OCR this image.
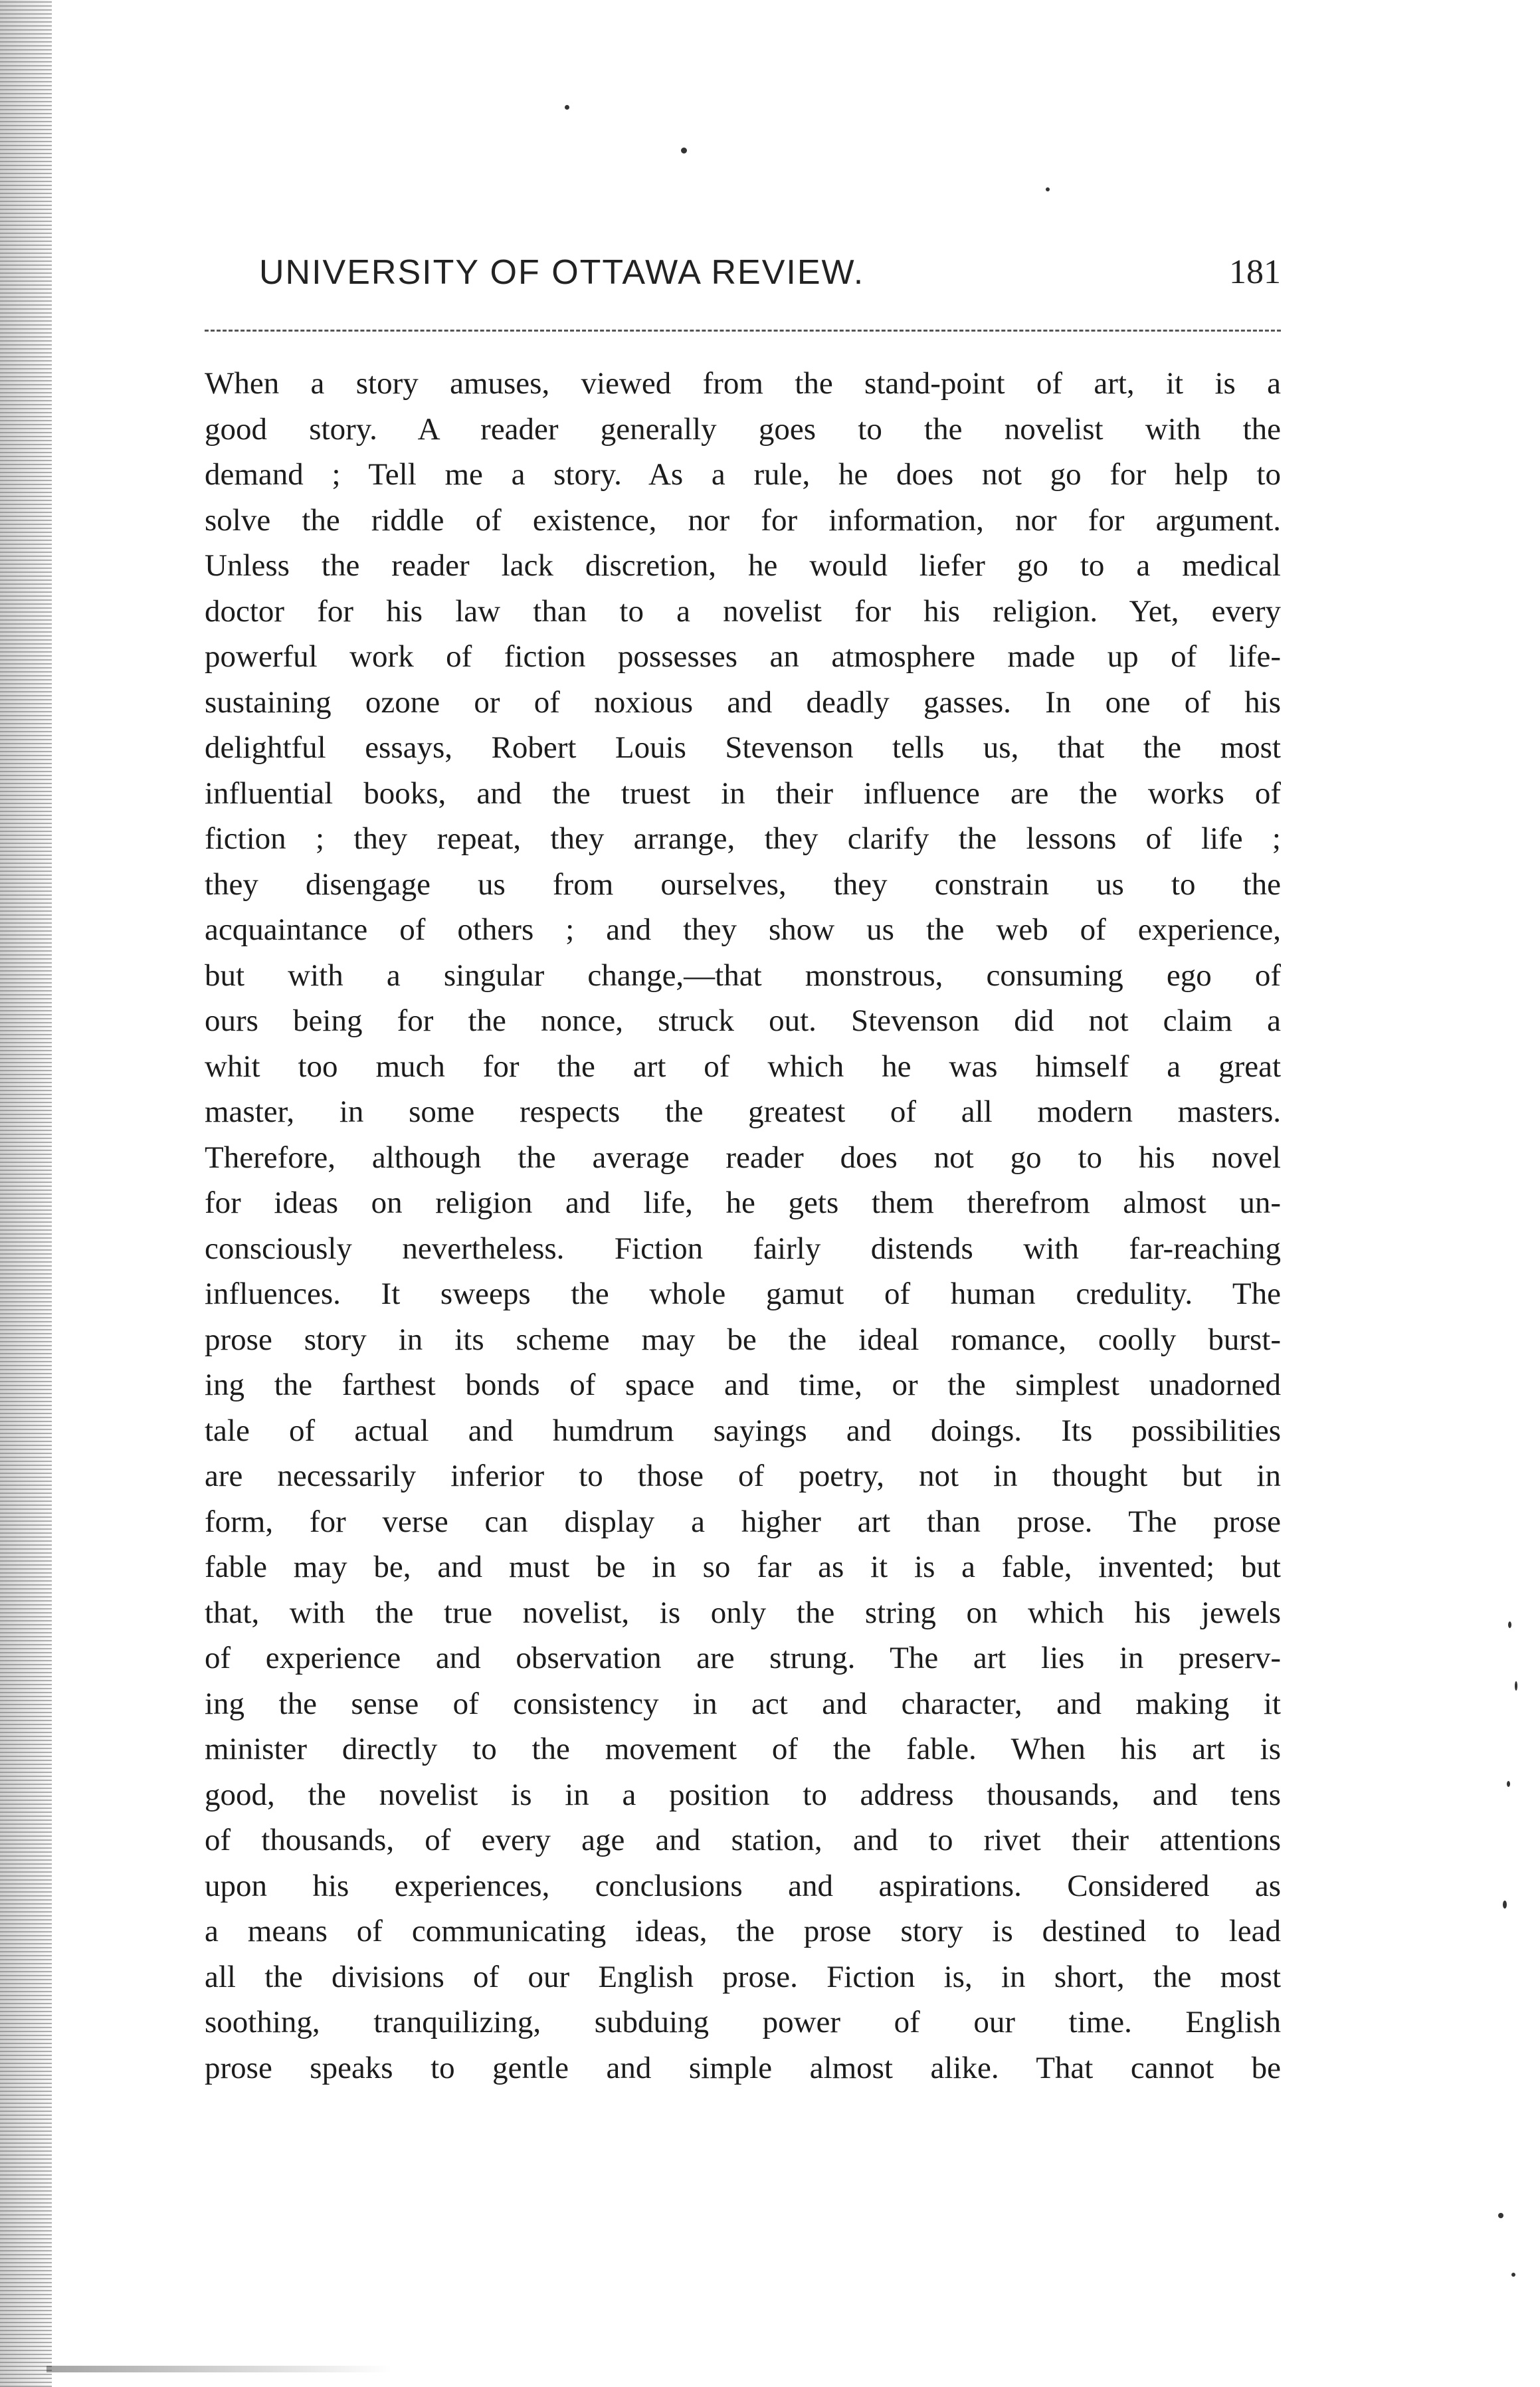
UNIVERSITY OF OTTAWA REVIEW.	181
When a story amuses, viewed from the stand-point of art, it is a
good story. A reader generally goes to the novelist with the
demand ; Tell me a story. As a rule, he does not go for help to
solve the riddle of existence, nor for information, nor for argument.
Unless the reader lack discretion, he would liefer go to a medical
doctor for his law than to a novelist for his religion. Yet, every
powerful work of fiction possesses an atmosphere made up of life-
sustaining ozone or of noxious and deadly gasses. In one of his
delightful essays, Robert Louis Stevenson tells us, that the most
influential books, and the truest in their influence are the works of
fiction ; they repeat, they arrange, they clarify the lessons of life ;
they disengage us from ourselves, they constrain us to the
acquaintance of others ; and they show us the web of experience,
but with a singular change,—that monstrous, consuming ego of
ours being for the nonce, struck out. Stevenson did not claim a
whit too much for the art of which he was himself a great
master, in some respects the greatest of all modern masters.
Therefore, although the average reader does not go to his novel
for ideas on religion and life, he gets them therefrom almost un-
consciously nevertheless. Fiction fairly distends with far-reaching
influences. It sweeps the whole gamut of human credulity. The
prose story in its scheme may be the ideal romance, coolly burst-
ing the farthest bonds of space and time, or the simplest unadorned
tale of actual and humdrum sayings and doings. Its possibilities
are necessarily inferior to those of poetry, not in thought but in
form, for verse can display a higher art than prose. The prose
fable may be, and must be in so far as it is a fable, invented; but
that, with the true novelist, is only the string on which his jewels
of experience and observation are strung. The art lies in preserv-
ing the sense of consistency in act and character, and making it
minister directly to the movement of the fable. When his art is
good, the novelist is in a position to address thousands, and tens
of thousands, of every age and station, and to rivet their attentions
upon his experiences, conclusions and aspirations. Considered as
a means of communicating ideas, the prose story is destined to lead
all the divisions of our English prose. Fiction is, in short, the most
soothing, tranquilizing, subduing power of our time. English
prose speaks to gentle and simple almost alike. That cannot be
